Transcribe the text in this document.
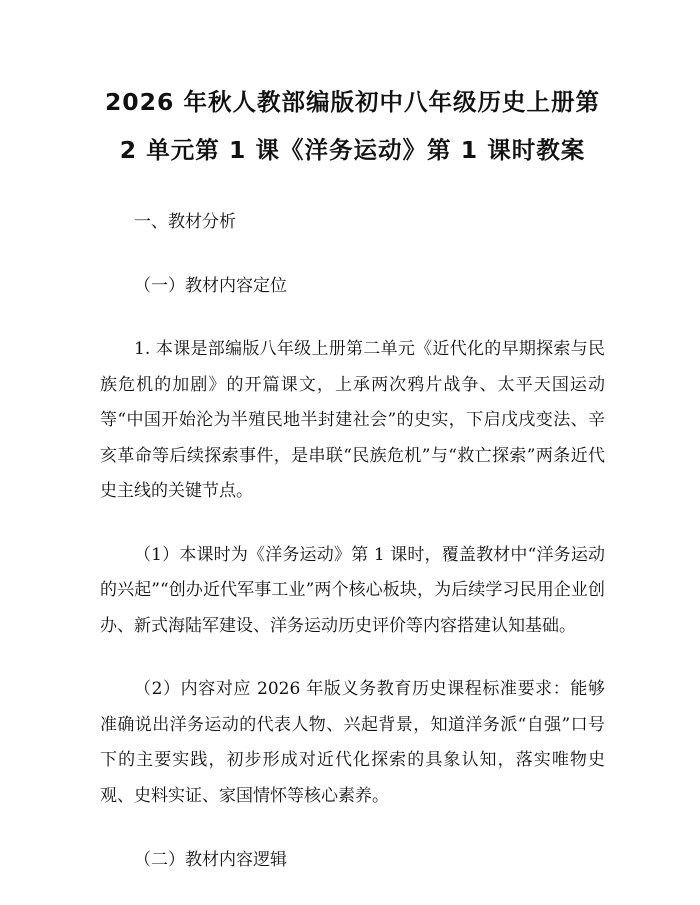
2026 年秋人教部编版初中八年级历史上册第
2 单元第 1 课《洋务运动》第 1 课时教案

一、教材分析

（一）教材内容定位

1. 本课是部编版八年级上册第二单元《近代化的早期探索与民族危机的加剧》的开篇课文，上承两次鸦片战争、太平天国运动等“中国开始沦为半殖民地半封建社会”的史实，下启戊戌变法、辛亥革命等后续探索事件，是串联“民族危机”与“救亡探索”两条近代史主线的关键节点。

（1）本课时为《洋务运动》第 1 课时，覆盖教材中“洋务运动的兴起”“创办近代军事工业”两个核心板块，为后续学习民用企业创办、新式海陆军建设、洋务运动历史评价等内容搭建认知基础。

（2）内容对应 2026 年版义务教育历史课程标准要求：能够准确说出洋务运动的代表人物、兴起背景，知道洋务派“自强”口号下的主要实践，初步形成对近代化探索的具象认知，落实唯物史观、史料实证、家国情怀等核心素养。

（二）教材内容逻辑
